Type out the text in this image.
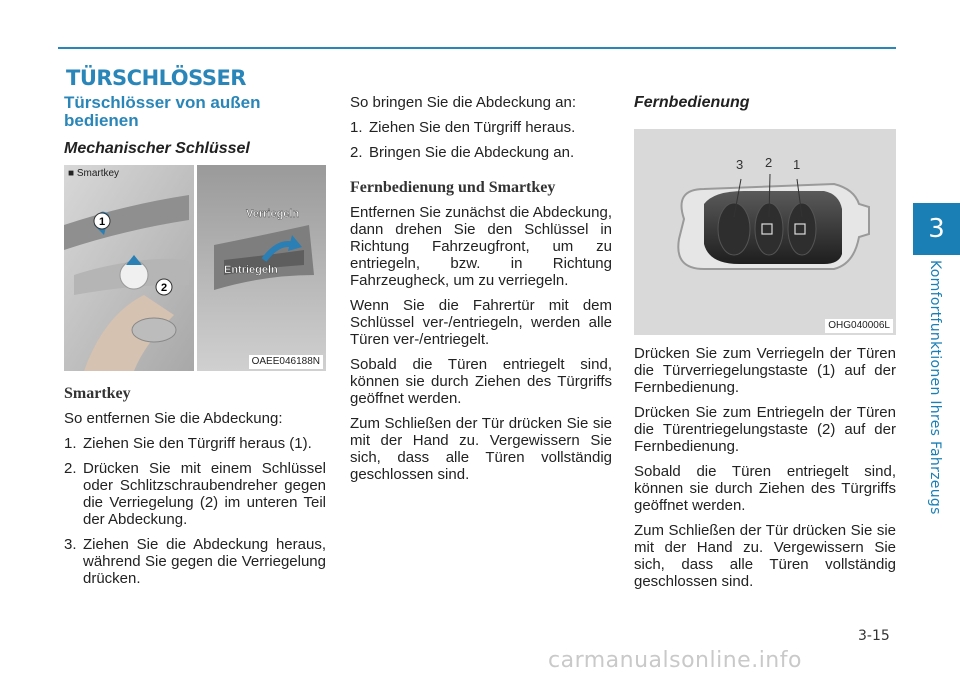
TÜRSCHLÖSSER
3
Komfortfunktionen Ihres Fahrzeugs
Türschlösser von außen bedienen
Mechanischer Schlüssel
1
2
Verriegeln
Entriegeln
■ Smartkey
OAEE046188N
Smartkey

So entfernen Sie die Abdeckung:

1. Ziehen Sie den Türgriff heraus (1).
2. Drücken Sie mit einem Schlüssel oder Schlitzschraubendreher gegen die Verriegelung (2) im unteren Teil der Abdeckung.
3. Ziehen Sie die Abdeckung heraus, während Sie gegen die Verriegelung drücken.

So bringen Sie die Abdeckung an:

1. Ziehen Sie den Türgriff heraus.
2. Bringen Sie die Abdeckung an.
Fernbedienung und Smartkey

Entfernen Sie zunächst die Abdeckung, dann drehen Sie den Schlüssel in Richtung Fahrzeugfront, um zu entriegeln, bzw. in Richtung Fahrzeugheck, um zu verriegeln.

Wenn Sie die Fahrertür mit dem Schlüssel ver-/entriegeln, werden alle Türen ver-/entriegelt.

Sobald die Türen entriegelt sind, können sie durch Ziehen des Türgriffs geöffnet werden.

Zum Schließen der Tür drücken Sie sie mit der Hand zu. Vergewissern Sie sich, dass alle Türen vollständig geschlossen sind.

Fernbedienung
3 2 1
OHG040006L

Drücken Sie zum Verriegeln der Türen die Türverriegelungstaste (1) auf der Fernbedienung.

Drücken Sie zum Entriegeln der Türen die Türentriegelungstaste (2) auf der Fernbedienung.

Sobald die Türen entriegelt sind, können sie durch Ziehen des Türgriffs geöffnet werden.

Zum Schließen der Tür drücken Sie sie mit der Hand zu. Vergewissern Sie sich, dass alle Türen vollständig geschlossen sind.

3-15
carmanualsonline.info
